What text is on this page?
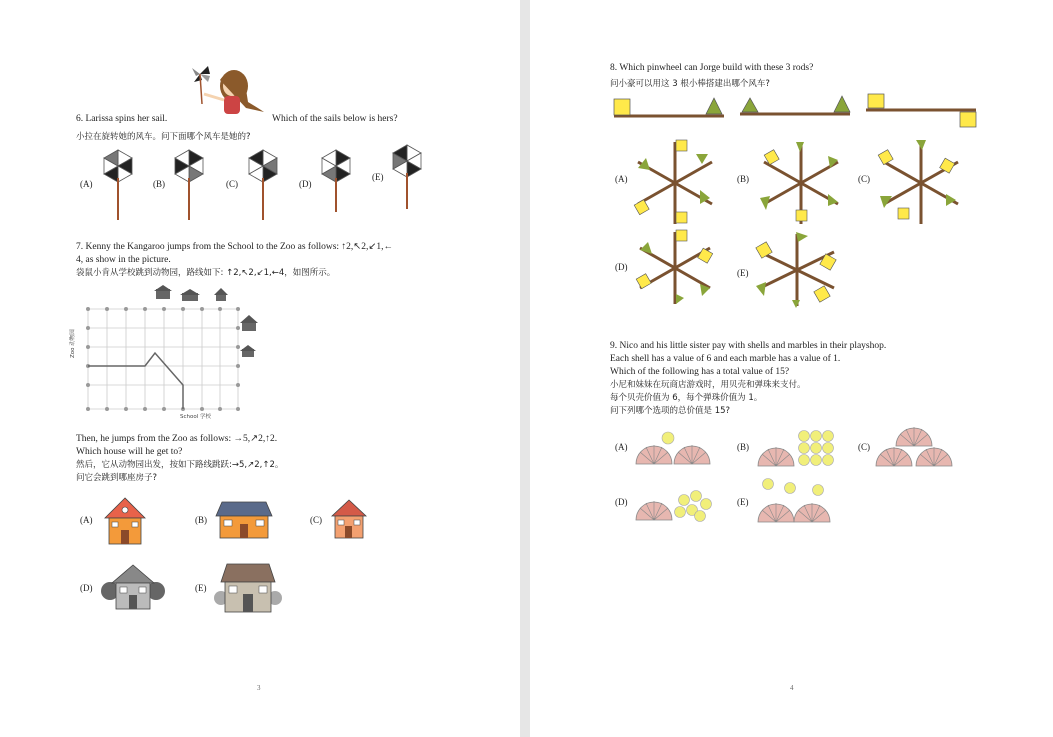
6. Larissa spins her sail.	Which of the sails below is hers?
小拉在旋转她的风车。问下面哪个风车是她的?
(A)	(B)	(C)	(D)
(E)
7. Kenny the Kangaroo jumps from the School to the Zoo as follows: ↑2,↖2,↙1,←
4, as show in the picture.
袋鼠小肯从学校跳到动物园，路线如下: ↑2,↖2,↙1,←4，如图所示。
School 学校
Zoo 动物园
Then, he jumps from the Zoo as follows: →5,↗2,↑2.
Which house will he get to?
然后，它从动物园出发，按如下路线跳跃:→5,↗2,↑2。
问它会跳到哪座房子?
(A)	(B)	(C)
(D)	(E)
3
8. Which pinwheel can Jorge build with these 3 rods?
问小豪可以用这 3 根小棒搭建出哪个风车?
(A)	(B)	(C)
(D)
(E)
9. Nico and his little sister pay with shells and marbles in their playshop.
Each shell has a value of 6 and each marble has a value of 1.
Which of the following has a total value of 15?
小尼和妹妹在玩商店游戏时，用贝壳和弹珠来支付。
每个贝壳价值为 6，每个弹珠价值为 1。
问下列哪个选项的总价值是 15?
(A)	(B)	(C)
(D)	(E)
4
